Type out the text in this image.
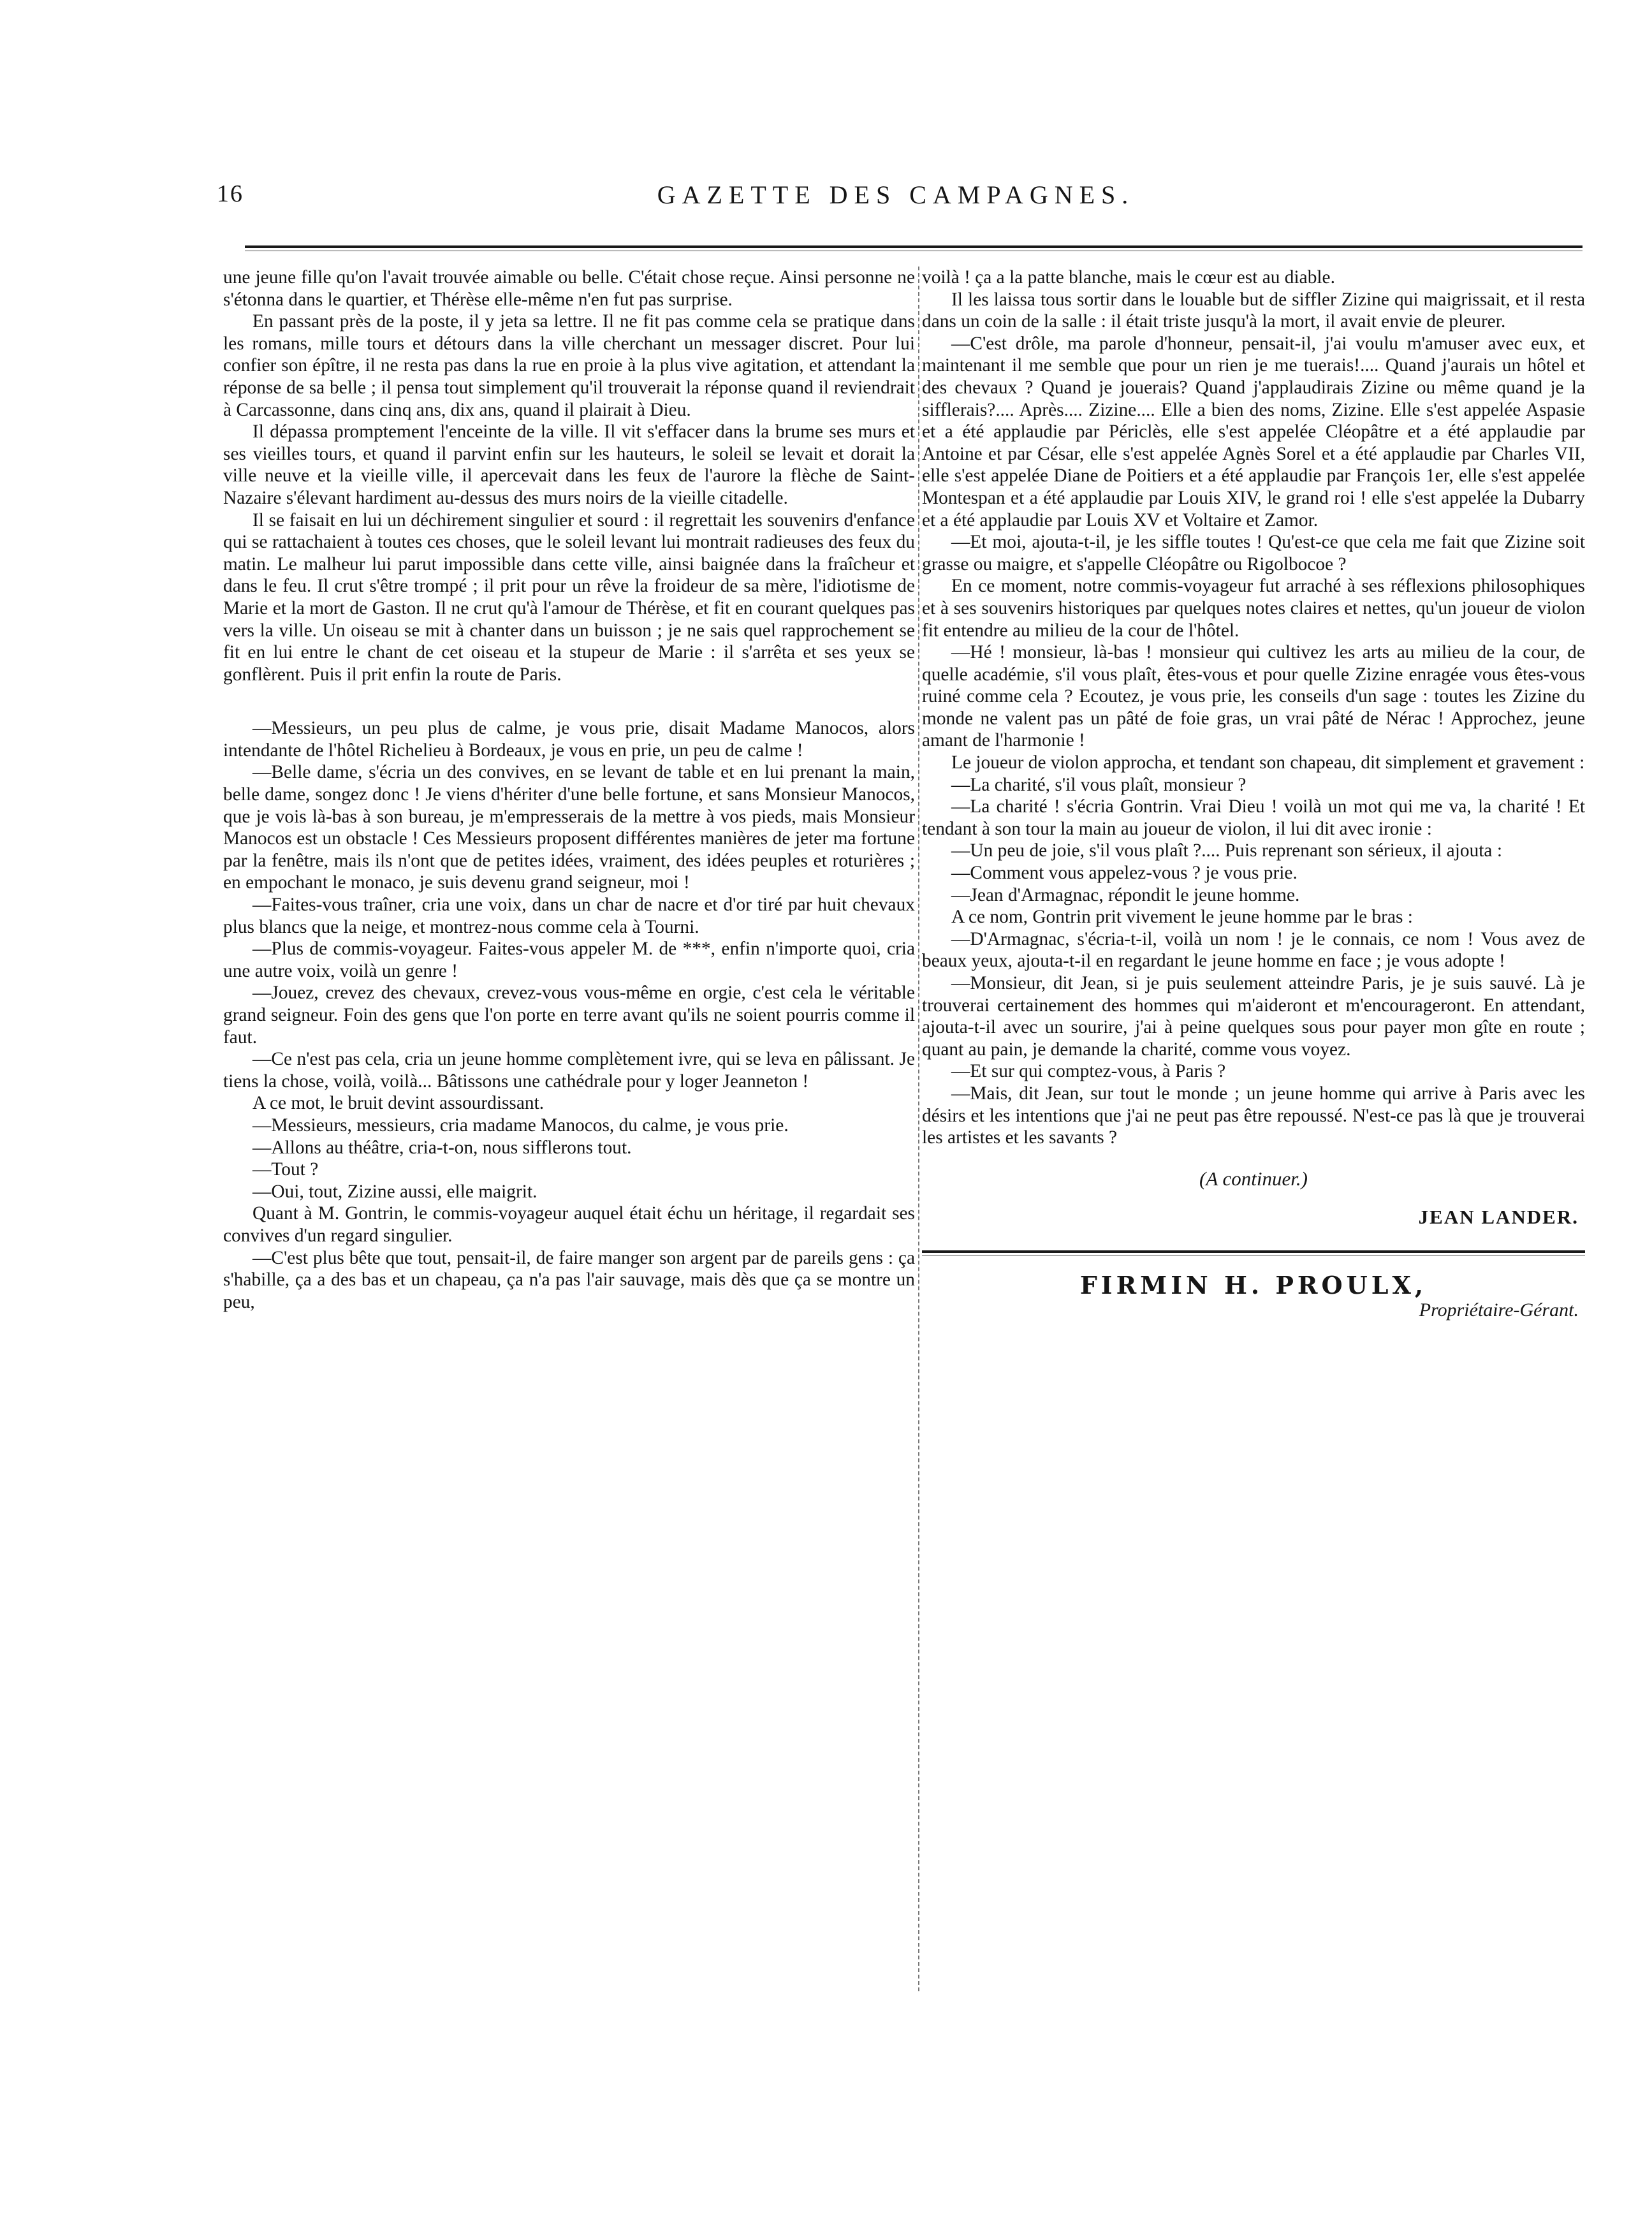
16	GAZETTE DES CAMPAGNES.

une jeune fille qu'on l'avait trouvée aimable ou belle. C'était chose reçue. Ainsi personne ne s'étonna dans le quartier, et Thérèse elle-même n'en fut pas surprise.

En passant près de la poste, il y jeta sa lettre. Il ne fit pas comme cela se pratique dans les romans, mille tours et détours dans la ville cherchant un messager discret. Pour lui confier son épître, il ne resta pas dans la rue en proie à la plus vive agitation, et attendant la réponse de sa belle ; il pensa tout simplement qu'il trouverait la réponse quand il reviendrait à Carcassonne, dans cinq ans, dix ans, quand il plairait à Dieu.

Il dépassa promptement l'enceinte de la ville. Il vit s'effacer dans la brume ses murs et ses vieilles tours, et quand il parvint enfin sur les hauteurs, le soleil se levait et dorait la ville neuve et la vieille ville, il apercevait dans les feux de l'aurore la flèche de Saint-Nazaire s'élevant hardiment au-dessus des murs noirs de la vieille citadelle.

Il se faisait en lui un déchirement singulier et sourd : il regrettait les souvenirs d'enfance qui se rattachaient à toutes ces choses, que le soleil levant lui montrait radieuses des feux du matin. Le malheur lui parut impossible dans cette ville, ainsi baignée dans la fraîcheur et dans le feu. Il crut s'être trompé ; il prit pour un rêve la froideur de sa mère, l'idiotisme de Marie et la mort de Gaston. Il ne crut qu'à l'amour de Thérèse, et fit en courant quelques pas vers la ville. Un oiseau se mit à chanter dans un buisson ; je ne sais quel rapprochement se fit en lui entre le chant de cet oiseau et la stupeur de Marie : il s'arrêta et ses yeux se gonflèrent. Puis il prit enfin la route de Paris.

—Messieurs, un peu plus de calme, je vous prie, disait Madame Manocos, alors intendante de l'hôtel Richelieu à Bordeaux, je vous en prie, un peu de calme !

—Belle dame, s'écria un des convives, en se levant de table et en lui prenant la main, belle dame, songez donc ! Je viens d'hériter d'une belle fortune, et sans Monsieur Manocos, que je vois là-bas à son bureau, je m'empresserais de la mettre à vos pieds, mais Monsieur Manocos est un obstacle ! Ces Messieurs proposent différentes manières de jeter ma fortune par la fenêtre, mais ils n'ont que de petites idées, vraiment, des idées peuples et roturières ; en empochant le monaco, je suis devenu grand seigneur, moi !

—Faites-vous traîner, cria une voix, dans un char de nacre et d'or tiré par huit chevaux plus blancs que la neige, et montrez-nous comme cela à Tourni.

—Plus de commis-voyageur. Faites-vous appeler M. de ***, enfin n'importe quoi, cria une autre voix, voilà un genre !

—Jouez, crevez des chevaux, crevez-vous vous-même en orgie, c'est cela le véritable grand seigneur. Foin des gens que l'on porte en terre avant qu'ils ne soient pourris comme il faut.

—Ce n'est pas cela, cria un jeune homme complètement ivre, qui se leva en pâlissant. Je tiens la chose, voilà, voilà... Bâtissons une cathédrale pour y loger Jeanneton !

A ce mot, le bruit devint assourdissant.

—Messieurs, messieurs, cria madame Manocos, du calme, je vous prie.

—Allons au théâtre, cria-t-on, nous sifflerons tout.

—Tout ?

—Oui, tout, Zizine aussi, elle maigrit.

Quant à M. Gontrin, le commis-voyageur auquel était échu un héritage, il regardait ses convives d'un regard singulier.

—C'est plus bête que tout, pensait-il, de faire manger son argent par de pareils gens : ça s'habille, ça a des bas et un chapeau, ça n'a pas l'air sauvage, mais dès que ça se montre un peu,

voilà ! ça a la patte blanche, mais le cœur est au diable.

Il les laissa tous sortir dans le louable but de siffler Zizine qui maigrissait, et il resta dans un coin de la salle : il était triste jusqu'à la mort, il avait envie de pleurer.

—C'est drôle, ma parole d'honneur, pensait-il, j'ai voulu m'amuser avec eux, et maintenant il me semble que pour un rien je me tuerais!.... Quand j'aurais un hôtel et des chevaux ? Quand je jouerais? Quand j'applaudirais Zizine ou même quand je la sifflerais?.... Après.... Zizine.... Elle a bien des noms, Zizine. Elle s'est appelée Aspasie et a été applaudie par Périclès, elle s'est appelée Cléopâtre et a été applaudie par Antoine et par César, elle s'est appelée Agnès Sorel et a été applaudie par Charles VII, elle s'est appelée Diane de Poitiers et a été applaudie par François 1er, elle s'est appelée Montespan et a été applaudie par Louis XIV, le grand roi ! elle s'est appelée la Dubarry et a été applaudie par Louis XV et Voltaire et Zamor.

—Et moi, ajouta-t-il, je les siffle toutes ! Qu'est-ce que cela me fait que Zizine soit grasse ou maigre, et s'appelle Cléopâtre ou Rigolbocoe ?

En ce moment, notre commis-voyageur fut arraché à ses réflexions philosophiques et à ses souvenirs historiques par quelques notes claires et nettes, qu'un joueur de violon fit entendre au milieu de la cour de l'hôtel.

—Hé ! monsieur, là-bas ! monsieur qui cultivez les arts au milieu de la cour, de quelle académie, s'il vous plaît, êtes-vous et pour quelle Zizine enragée vous êtes-vous ruiné comme cela ? Ecoutez, je vous prie, les conseils d'un sage : toutes les Zizine du monde ne valent pas un pâté de foie gras, un vrai pâté de Nérac ! Approchez, jeune amant de l'harmonie !

Le joueur de violon approcha, et tendant son chapeau, dit simplement et gravement :

—La charité, s'il vous plaît, monsieur ?

—La charité ! s'écria Gontrin. Vrai Dieu ! voilà un mot qui me va, la charité ! Et tendant à son tour la main au joueur de violon, il lui dit avec ironie :

—Un peu de joie, s'il vous plaît ?.... Puis reprenant son sérieux, il ajouta :

—Comment vous appelez-vous ? je vous prie.

—Jean d'Armagnac, répondit le jeune homme.

A ce nom, Gontrin prit vivement le jeune homme par le bras :

—D'Armagnac, s'écria-t-il, voilà un nom ! je le connais, ce nom ! Vous avez de beaux yeux, ajouta-t-il en regardant le jeune homme en face ; je vous adopte !

—Monsieur, dit Jean, si je puis seulement atteindre Paris, je je suis sauvé. Là je trouverai certainement des hommes qui m'aideront et m'encourageront. En attendant, ajouta-t-il avec un sourire, j'ai à peine quelques sous pour payer mon gîte en route ; quant au pain, je demande la charité, comme vous voyez.

—Et sur qui comptez-vous, à Paris ?

—Mais, dit Jean, sur tout le monde ; un jeune homme qui arrive à Paris avec les désirs et les intentions que j'ai ne peut pas être repoussé. N'est-ce pas là que je trouverai les artistes et les savants ?

(A continuer.)
JEAN LANDER.
FIRMIN H. PROULX,
Propriétaire-Gérant.
